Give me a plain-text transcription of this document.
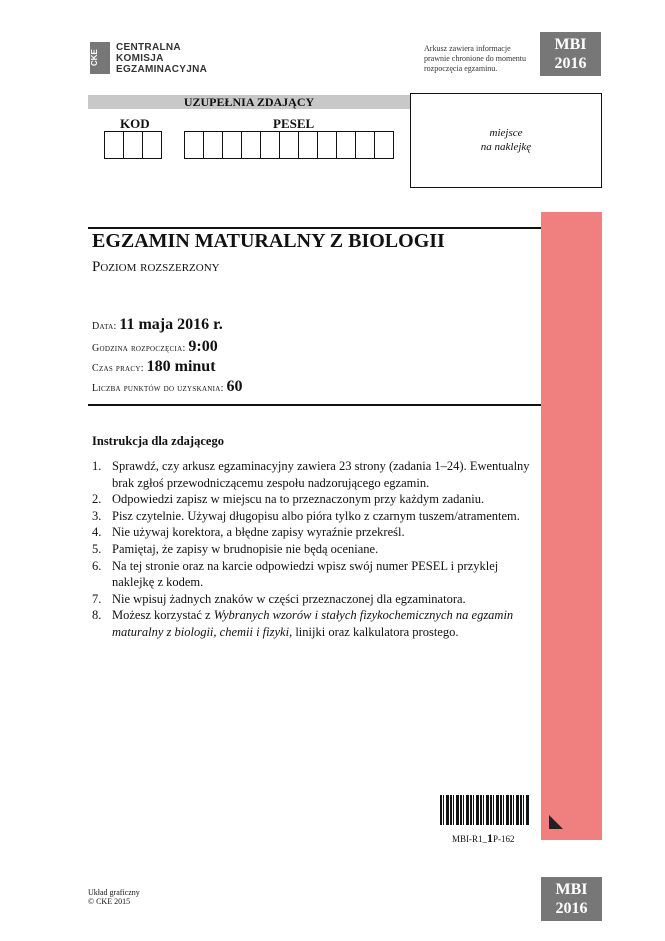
CKE
CENTRALNA
KOMISJA
EGZAMINACYJNA
Arkusz zawiera informacje
prawnie chronione do momentu
rozpoczęcia egzaminu.
MBI
2016
UZUPEŁNIA ZDAJĄCY
KOD	PESEL
miejsce
na naklejkę
EGZAMIN MATURALNY Z BIOLOGII
Poziom rozszerzony
Data: 11 maja 2016 r.
Godzina rozpoczęcia: 9:00
Czas pracy: 180 minut
Liczba punktów do uzyskania: 60
Instrukcja dla zdającego
1. Sprawdź, czy arkusz egzaminacyjny zawiera 23 strony (zadania 1–24). Ewentualny brak zgłoś przewodniczącemu zespołu nadzorującego egzamin.
2. Odpowiedzi zapisz w miejscu na to przeznaczonym przy każdym zadaniu.
3. Pisz czytelnie. Używaj długopisu albo pióra tylko z czarnym tuszem/atramentem.
4. Nie używaj korektora, a błędne zapisy wyraźnie przekreśl.
5. Pamiętaj, że zapisy w brudnopisie nie będą oceniane.
6. Na tej stronie oraz na karcie odpowiedzi wpisz swój numer PESEL i przyklej naklejkę z kodem.
7. Nie wpisuj żadnych znaków w części przeznaczonej dla egzaminatora.
8. Możesz korzystać z Wybranych wzorów i stałych fizykochemicznych na egzamin maturalny z biologii, chemii i fizyki, linijki oraz kalkulatora prostego.
MBI-R1_1P-162
Układ graficzny
© CKE 2015
MBI
2016
